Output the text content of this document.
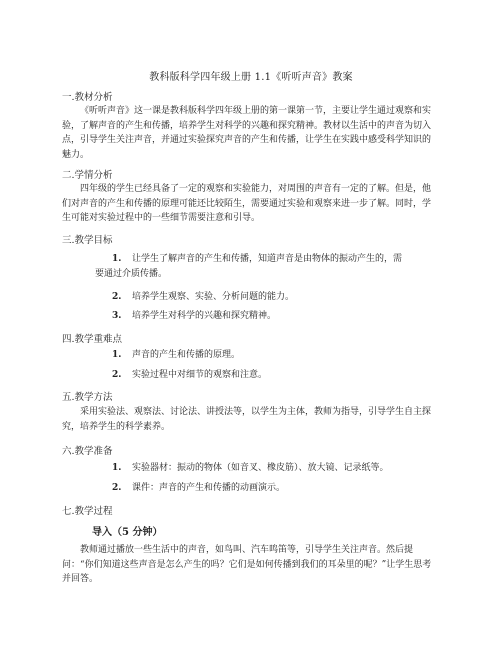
教科版科学四年级上册 1.1《听听声音》教案
一.教材分析
《听听声音》这一课是教科版科学四年级上册的第一课第一节，主要让学生通过观察和实验，了解声音的产生和传播，培养学生对科学的兴趣和探究精神。教材以生活中的声音为切入点，引导学生关注声音，并通过实验探究声音的产生和传播，让学生在实践中感受科学知识的魅力。
二.学情分析
四年级的学生已经具备了一定的观察和实验能力，对周围的声音有一定的了解。但是，他们对声音的产生和传播的原理可能还比较陌生，需要通过实验和观察来进一步了解。同时，学生可能对实验过程中的一些细节需要注意和引导。
三.教学目标
1.	让学生了解声音的产生和传播，知道声音是由物体的振动产生的，需
要通过介质传播。
2.	培养学生观察、实验、分析问题的能力。
3.	培养学生对科学的兴趣和探究精神。
四.教学重难点
1.	声音的产生和传播的原理。
2.	实验过程中对细节的观察和注意。
五.教学方法
采用实验法、观察法、讨论法、讲授法等，以学生为主体，教师为指导，引导学生自主探究，培养学生的科学素养。
六.教学准备
1.	实验器材：振动的物体（如音叉、橡皮筋）、放大镜、记录纸等。
2.	课件：声音的产生和传播的动画演示。
七.教学过程
导入（5 分钟）
教师通过播放一些生活中的声音，如鸟叫、汽车鸣笛等，引导学生关注声音。然后提问：“你们知道这些声音是怎么产生的吗？它们是如何传播到我们的耳朵里的呢？”让学生思考并回答。
